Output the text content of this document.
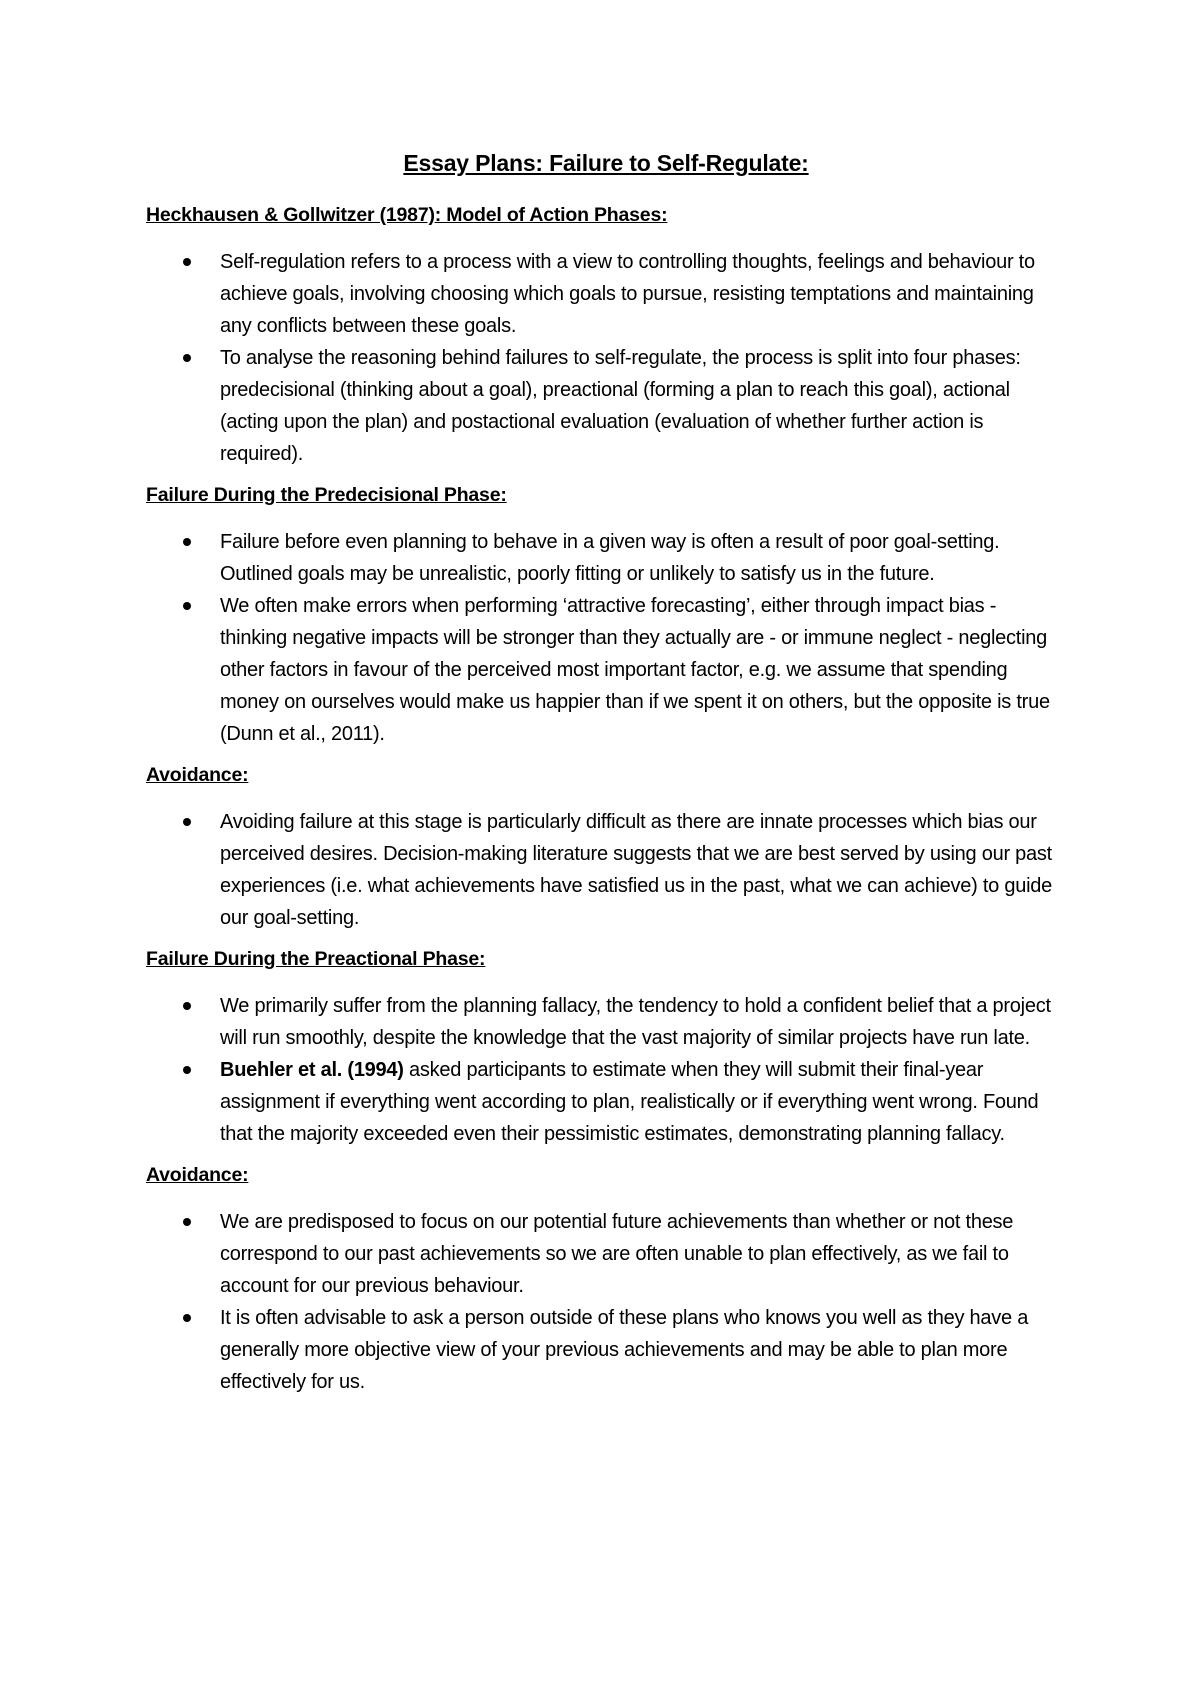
Essay Plans: Failure to Self-Regulate:
Heckhausen & Gollwitzer (1987): Model of Action Phases:
Self-regulation refers to a process with a view to controlling thoughts, feelings and behaviour to achieve goals, involving choosing which goals to pursue, resisting temptations and maintaining any conflicts between these goals.
To analyse the reasoning behind failures to self-regulate, the process is split into four phases: predecisional (thinking about a goal), preactional (forming a plan to reach this goal), actional (acting upon the plan) and postactional evaluation (evaluation of whether further action is required).
Failure During the Predecisional Phase:
Failure before even planning to behave in a given way is often a result of poor goal-setting. Outlined goals may be unrealistic, poorly fitting or unlikely to satisfy us in the future.
We often make errors when performing ‘attractive forecasting’, either through impact bias - thinking negative impacts will be stronger than they actually are - or immune neglect - neglecting other factors in favour of the perceived most important factor, e.g. we assume that spending money on ourselves would make us happier than if we spent it on others, but the opposite is true (Dunn et al., 2011).
Avoidance:
Avoiding failure at this stage is particularly difficult as there are innate processes which bias our perceived desires. Decision-making literature suggests that we are best served by using our past experiences (i.e. what achievements have satisfied us in the past, what we can achieve) to guide our goal-setting.
Failure During the Preactional Phase:
We primarily suffer from the planning fallacy, the tendency to hold a confident belief that a project will run smoothly, despite the knowledge that the vast majority of similar projects have run late.
Buehler et al. (1994) asked participants to estimate when they will submit their final-year assignment if everything went according to plan, realistically or if everything went wrong. Found that the majority exceeded even their pessimistic estimates, demonstrating planning fallacy.
Avoidance:
We are predisposed to focus on our potential future achievements than whether or not these correspond to our past achievements so we are often unable to plan effectively, as we fail to account for our previous behaviour.
It is often advisable to ask a person outside of these plans who knows you well as they have a generally more objective view of your previous achievements and may be able to plan more effectively for us.
